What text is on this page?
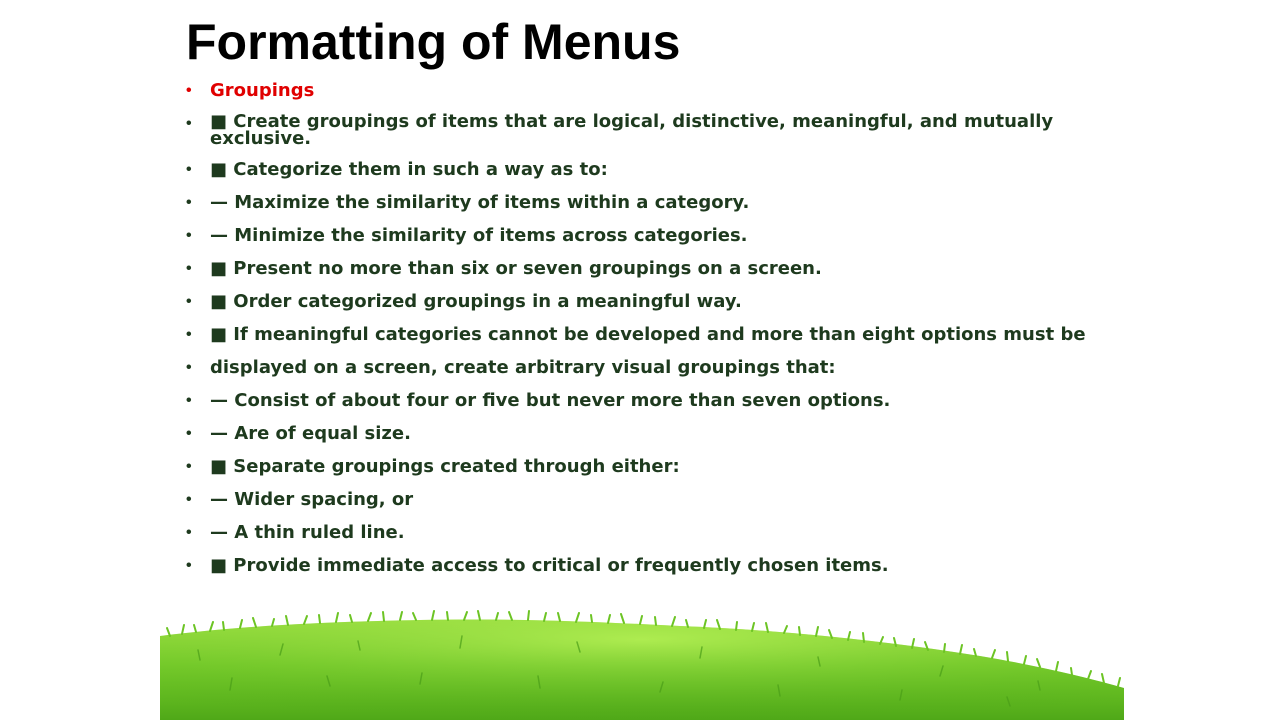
Formatting of Menus
• Groupings
• ■ Create groupings of items that are logical, distinctive, meaningful, and mutually exclusive.
• ■ Categorize them in such a way as to:
• — Maximize the similarity of items within a category.
• — Minimize the similarity of items across categories.
• ■ Present no more than six or seven groupings on a screen.
• ■ Order categorized groupings in a meaningful way.
• ■ If meaningful categories cannot be developed and more than eight options must be
• displayed on a screen, create arbitrary visual groupings that:
• — Consist of about four or five but never more than seven options.
• — Are of equal size.
• ■ Separate groupings created through either:
• — Wider spacing, or
• — A thin ruled line.
• ■ Provide immediate access to critical or frequently chosen items.
